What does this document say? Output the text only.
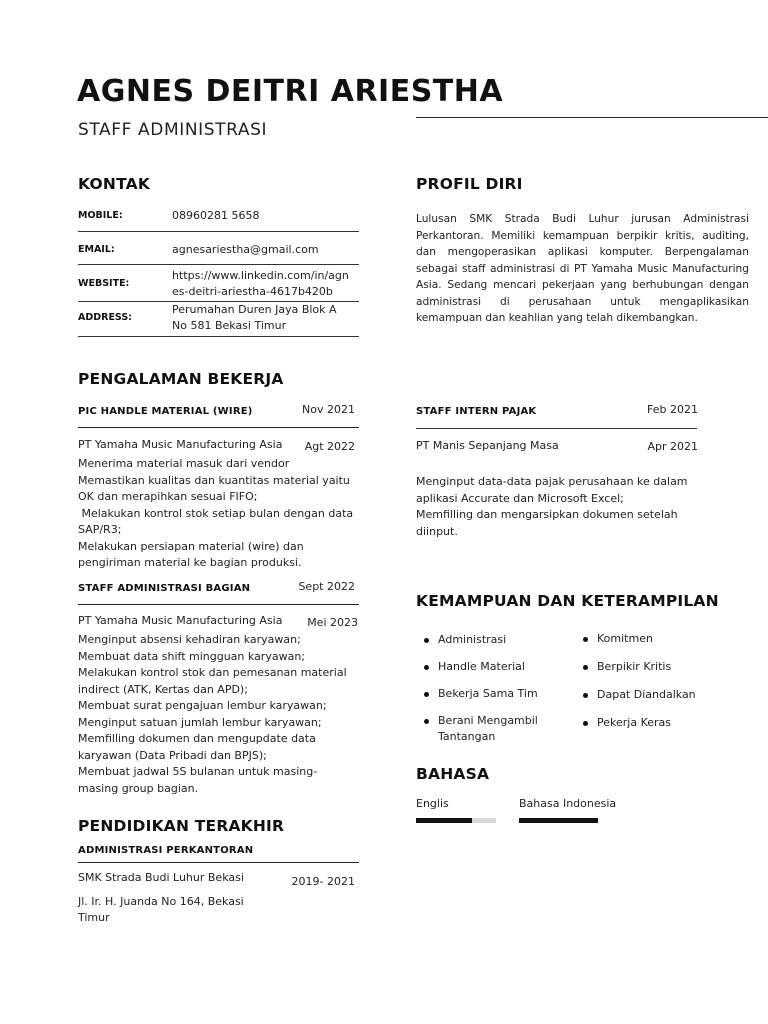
AGNES DEITRI ARIESTHA
STAFF ADMINISTRASI
KONTAK
MOBILE:	08960281 5658
EMAIL:	agnesariestha@gmail.com
WEBSITE:
https://www.linkedin.com/in/agn
es-deitri-ariestha-4617b420b
ADDRESS:
Perumahan Duren Jaya Blok A
No 581 Bekasi Timur
PROFIL DIRI
Lulusan SMK Strada Budi Luhur jurusan Administrasi Perkantoran. Memiliki kemampuan berpikir kritis, auditing, dan mengoperasikan aplikasi komputer. Berpengalaman sebagai staff administrasi di PT Yamaha Music Manufacturing Asia. Sedang mencari pekerjaan yang berhubungan dengan administrasi di perusahaan untuk mengaplikasikan kemampuan dan keahlian yang telah dikembangkan.
PENGALAMAN BEKERJA
PIC HANDLE MATERIAL (WIRE)	Nov 2021
PT Yamaha Music Manufacturing Asia	Agt 2022
Menerima material masuk dari vendor
Memastikan kualitas dan kuantitas material yaitu
OK dan merapihkan sesuai FIFO;
Melakukan kontrol stok setiap bulan dengan data
SAP/R3;
Melakukan persiapan material (wire) dan
pengiriman material ke bagian produksi.
STAFF ADMINISTRASI BAGIAN	Sept 2022
PT Yamaha Music Manufacturing Asia	Mei 2023
Menginput absensi kehadiran karyawan;
Membuat data shift mingguan karyawan;
Melakukan kontrol stok dan pemesanan material
indirect (ATK, Kertas dan APD);
Membuat surat pengajuan lembur karyawan;
Menginput satuan jumlah lembur karyawan;
Memfilling dokumen dan mengupdate data
karyawan (Data Pribadi dan BPJS);
Membuat jadwal 5S bulanan untuk masing-
masing group bagian.
STAFF INTERN PAJAK	Feb 2021
PT Manis Sepanjang Masa	Apr 2021
Menginput data-data pajak perusahaan ke dalam
aplikasi Accurate dan Microsoft Excel;
Memfilling dan mengarsipkan dokumen setelah
diinput.
KEMAMPUAN DAN KETERAMPILAN
Administrasi
Handle Material
Bekerja Sama Tim
Berani Mengambil Tantangan
Komitmen
Berpikir Kritis
Dapat Diandalkan
Pekerja Keras
BAHASA
Englis	Bahasa Indonesia
PENDIDIKAN TERAKHIR
ADMINISTRASI PERKANTORAN
SMK Strada Budi Luhur Bekasi	2019- 2021
Jl. Ir. H. Juanda No 164, Bekasi
Timur
